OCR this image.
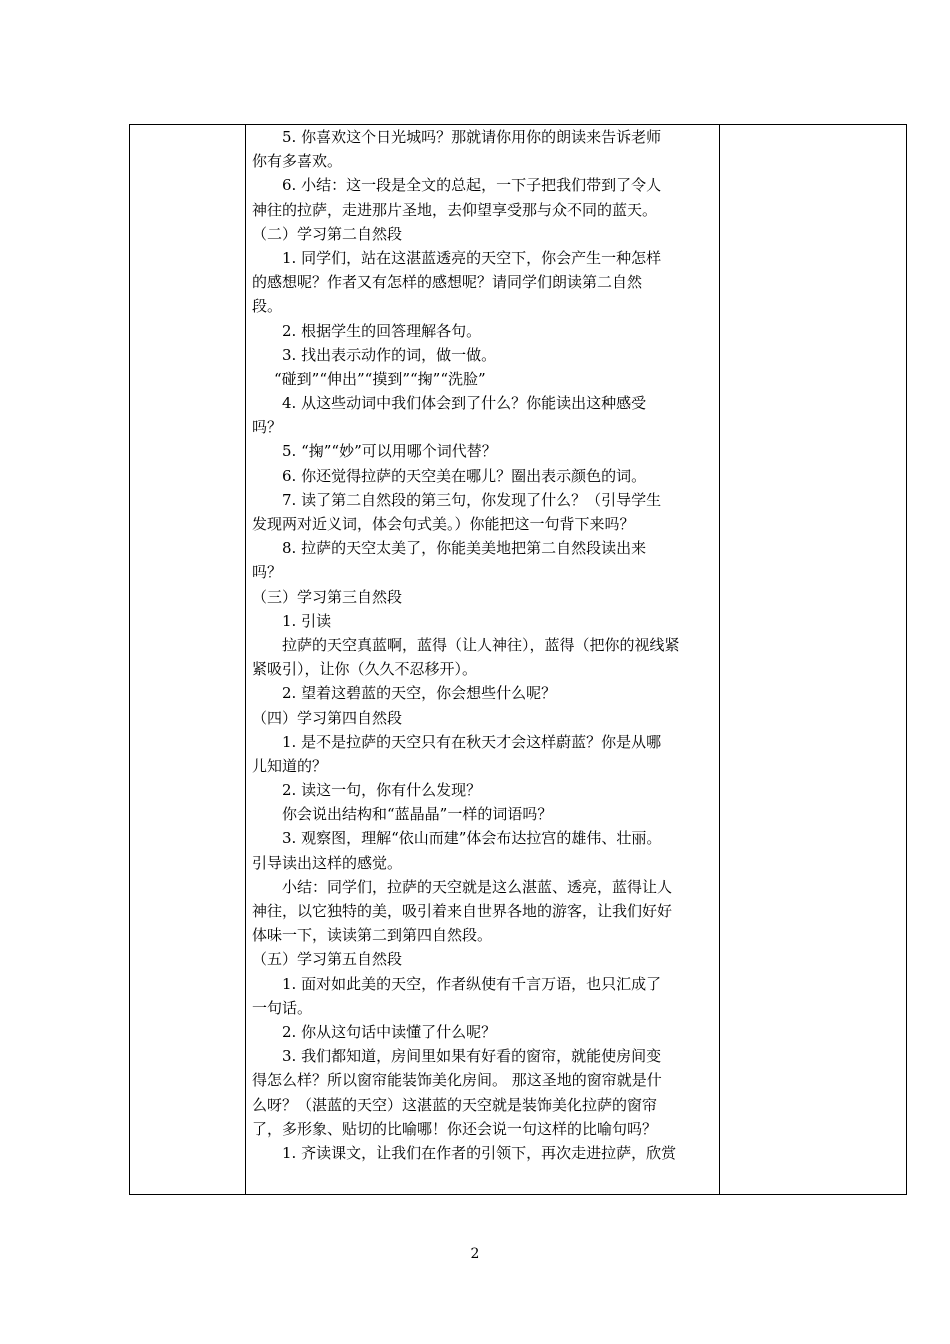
5. 你喜欢这个日光城吗？那就请你用你的朗读来告诉老师
你有多喜欢。
6. 小结：这一段是全文的总起，一下子把我们带到了令人
神往的拉萨，走进那片圣地，去仰望享受那与众不同的蓝天。
（二）学习第二自然段
1. 同学们，站在这湛蓝透亮的天空下，你会产生一种怎样
的感想呢？作者又有怎样的感想呢？请同学们朗读第二自然
段。
2. 根据学生的回答理解各句。
3. 找出表示动作的词，做一做。
“碰到”“伸出”“摸到”“掬”“洗脸”
4. 从这些动词中我们体会到了什么？你能读出这种感受
吗？
5. “掬”“妙”可以用哪个词代替？
6. 你还觉得拉萨的天空美在哪儿？圈出表示颜色的词。
7. 读了第二自然段的第三句，你发现了什么？（引导学生
发现两对近义词，体会句式美。）你能把这一句背下来吗？
8. 拉萨的天空太美了，你能美美地把第二自然段读出来
吗？
（三）学习第三自然段
1. 引读
拉萨的天空真蓝啊，蓝得（让人神往），蓝得（把你的视线紧
紧吸引），让你（久久不忍移开）。
2. 望着这碧蓝的天空，你会想些什么呢？
（四）学习第四自然段
1. 是不是拉萨的天空只有在秋天才会这样蔚蓝？你是从哪
儿知道的？
2. 读这一句，你有什么发现？
你会说出结构和“蓝晶晶”一样的词语吗？
3. 观察图，理解“依山而建”体会布达拉宫的雄伟、壮丽。
引导读出这样的感觉。
小结：同学们，拉萨的天空就是这么湛蓝、透亮，蓝得让人
神往，以它独特的美，吸引着来自世界各地的游客，让我们好好
体味一下，读读第二到第四自然段。
（五）学习第五自然段
1. 面对如此美的天空，作者纵使有千言万语，也只汇成了
一句话。
2. 你从这句话中读懂了什么呢？
3. 我们都知道，房间里如果有好看的窗帘，就能使房间变
得怎么样？所以窗帘能装饰美化房间。 那这圣地的窗帘就是什
么呀？（湛蓝的天空）这湛蓝的天空就是装饰美化拉萨的窗帘
了，多形象、贴切的比喻哪！你还会说一句这样的比喻句吗？
1. 齐读课文，让我们在作者的引领下，再次走进拉萨，欣赏
2
